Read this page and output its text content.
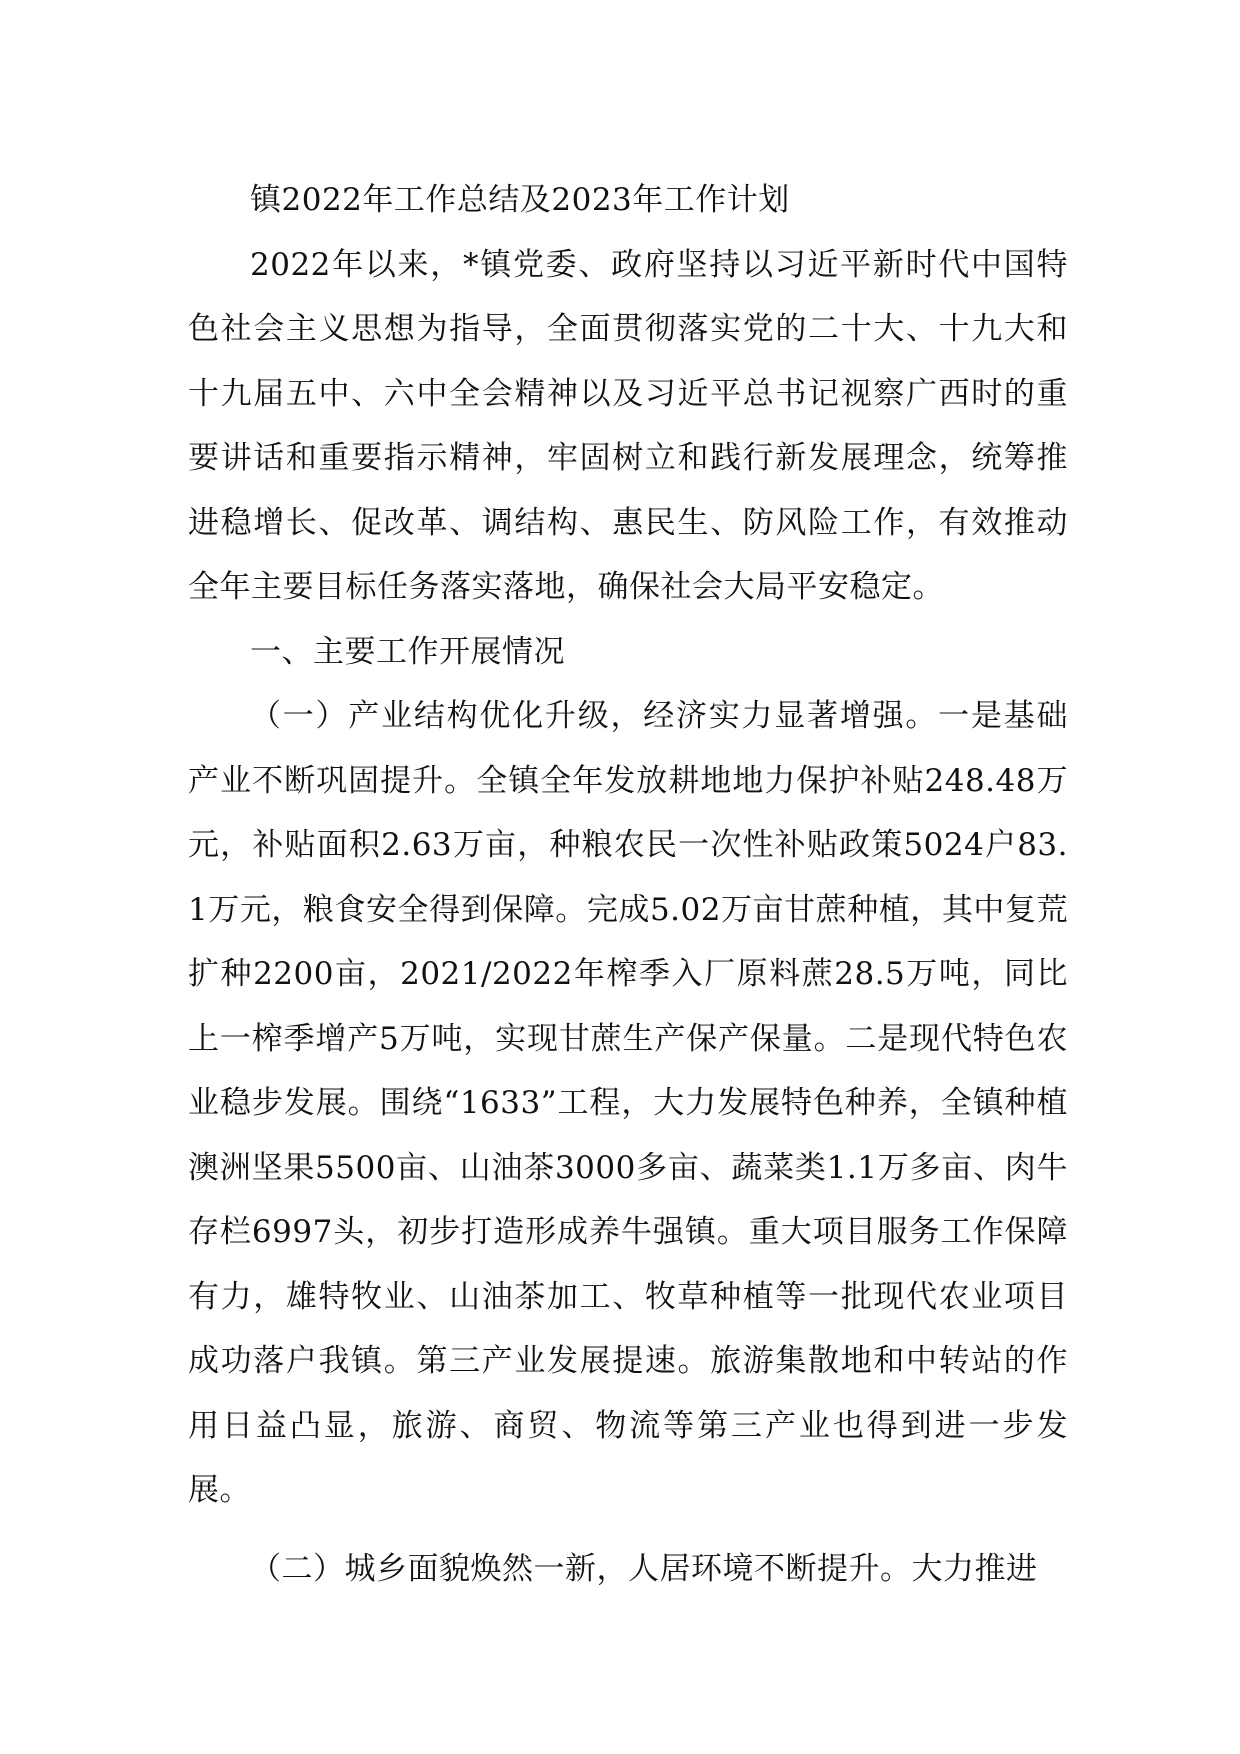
镇2022年工作总结及2023年工作计划

2022年以来，*镇党委、政府坚持以习近平新时代中国特色社会主义思想为指导，全面贯彻落实党的二十大、十九大和十九届五中、六中全会精神以及习近平总书记视察广西时的重要讲话和重要指示精神，牢固树立和践行新发展理念，统筹推进稳增长、促改革、调结构、惠民生、防风险工作，有效推动全年主要目标任务落实落地，确保社会大局平安稳定。

一、主要工作开展情况

（一）产业结构优化升级，经济实力显著增强。一是基础产业不断巩固提升。全镇全年发放耕地地力保护补贴248.48万元，补贴面积2.63万亩，种粮农民一次性补贴政策5024户83.1万元，粮食安全得到保障。完成5.02万亩甘蔗种植，其中复荒扩种2200亩，2021/2022年榨季入厂原料蔗28.5万吨，同比上一榨季增产5万吨，实现甘蔗生产保产保量。二是现代特色农业稳步发展。围绕“1633”工程，大力发展特色种养，全镇种植澳洲坚果5500亩、山油茶3000多亩、蔬菜类1.1万多亩、肉牛存栏6997头，初步打造形成养牛强镇。重大项目服务工作保障有力，雄特牧业、山油茶加工、牧草种植等一批现代农业项目成功落户我镇。第三产业发展提速。旅游集散地和中转站的作用日益凸显，旅游、商贸、物流等第三产业也得到进一步发展。

（二）城乡面貌焕然一新，人居环境不断提升。大力推进
